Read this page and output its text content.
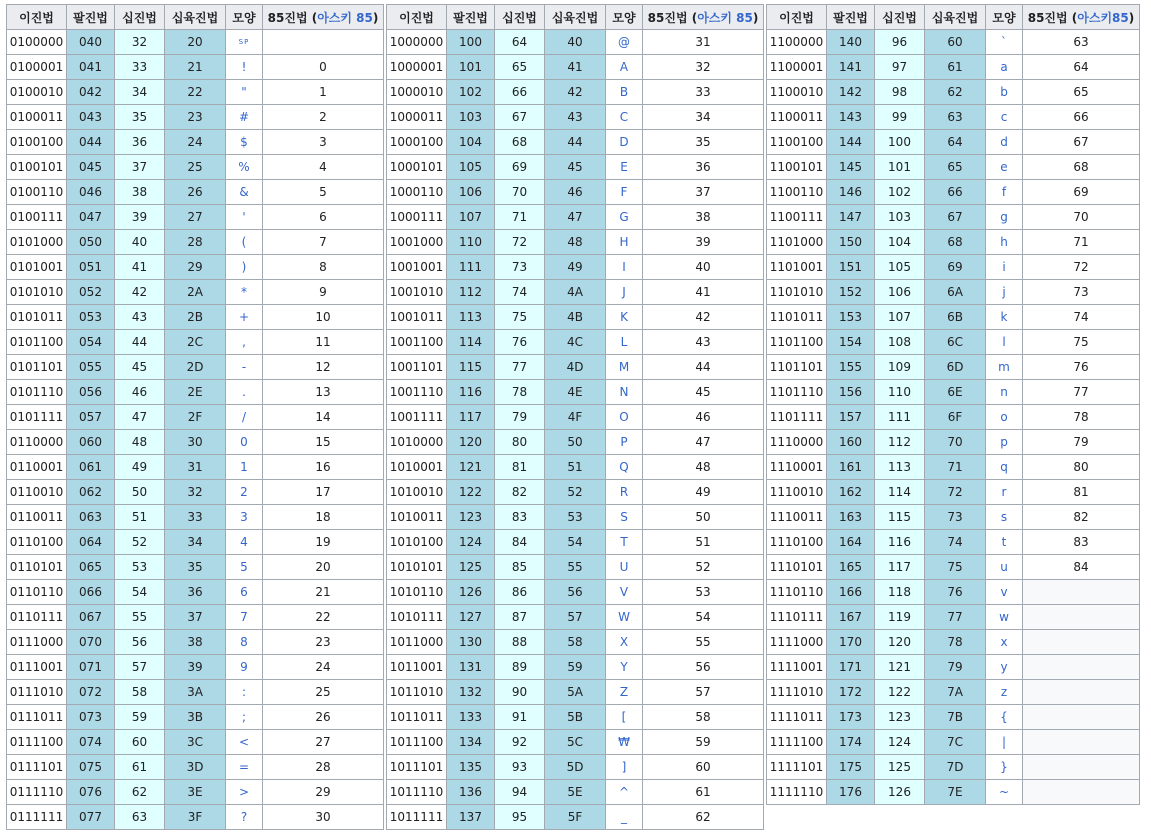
이진법	팔진법	십진법	십육진법	모양	85진법 (아스키 85)
0100000	040	32	20	SP	
0100001	041	33	21	!	0
0100010	042	34	22	"	1
0100011	043	35	23	#	2
0100100	044	36	24	$	3
0100101	045	37	25	%	4
0100110	046	38	26	&	5
0100111	047	39	27	'	6
0101000	050	40	28	(	7
0101001	051	41	29	)	8
0101010	052	42	2A	*	9
0101011	053	43	2B	+	10
0101100	054	44	2C	,	11
0101101	055	45	2D	-	12
0101110	056	46	2E	.	13
0101111	057	47	2F	/	14
0110000	060	48	30	0	15
0110001	061	49	31	1	16
0110010	062	50	32	2	17
0110011	063	51	33	3	18
0110100	064	52	34	4	19
0110101	065	53	35	5	20
0110110	066	54	36	6	21
0110111	067	55	37	7	22
0111000	070	56	38	8	23
0111001	071	57	39	9	24
0111010	072	58	3A	:	25
0111011	073	59	3B	;	26
0111100	074	60	3C	<	27
0111101	075	61	3D	=	28
0111110	076	62	3E	>	29
0111111	077	63	3F	?	30
이진법	팔진법	십진법	십육진법	모양	85진법 (아스키 85)
1000000	100	64	40	@	31
1000001	101	65	41	A	32
1000010	102	66	42	B	33
1000011	103	67	43	C	34
1000100	104	68	44	D	35
1000101	105	69	45	E	36
1000110	106	70	46	F	37
1000111	107	71	47	G	38
1001000	110	72	48	H	39
1001001	111	73	49	I	40
1001010	112	74	4A	J	41
1001011	113	75	4B	K	42
1001100	114	76	4C	L	43
1001101	115	77	4D	M	44
1001110	116	78	4E	N	45
1001111	117	79	4F	O	46
1010000	120	80	50	P	47
1010001	121	81	51	Q	48
1010010	122	82	52	R	49
1010011	123	83	53	S	50
1010100	124	84	54	T	51
1010101	125	85	55	U	52
1010110	126	86	56	V	53
1010111	127	87	57	W	54
1011000	130	88	58	X	55
1011001	131	89	59	Y	56
1011010	132	90	5A	Z	57
1011011	133	91	5B	[	58
1011100	134	92	5C	₩	59
1011101	135	93	5D	]	60
1011110	136	94	5E	^	61
1011111	137	95	5F	_	62
이진법	팔진법	십진법	십육진법	모양	85진법 (아스키85)
1100000	140	96	60	`	63
1100001	141	97	61	a	64
1100010	142	98	62	b	65
1100011	143	99	63	c	66
1100100	144	100	64	d	67
1100101	145	101	65	e	68
1100110	146	102	66	f	69
1100111	147	103	67	g	70
1101000	150	104	68	h	71
1101001	151	105	69	i	72
1101010	152	106	6A	j	73
1101011	153	107	6B	k	74
1101100	154	108	6C	l	75
1101101	155	109	6D	m	76
1101110	156	110	6E	n	77
1101111	157	111	6F	o	78
1110000	160	112	70	p	79
1110001	161	113	71	q	80
1110010	162	114	72	r	81
1110011	163	115	73	s	82
1110100	164	116	74	t	83
1110101	165	117	75	u	84
1110110	166	118	76	v	
1110111	167	119	77	w	
1111000	170	120	78	x	
1111001	171	121	79	y	
1111010	172	122	7A	z	
1111011	173	123	7B	{	
1111100	174	124	7C	|	
1111101	175	125	7D	}	
1111110	176	126	7E	~	
